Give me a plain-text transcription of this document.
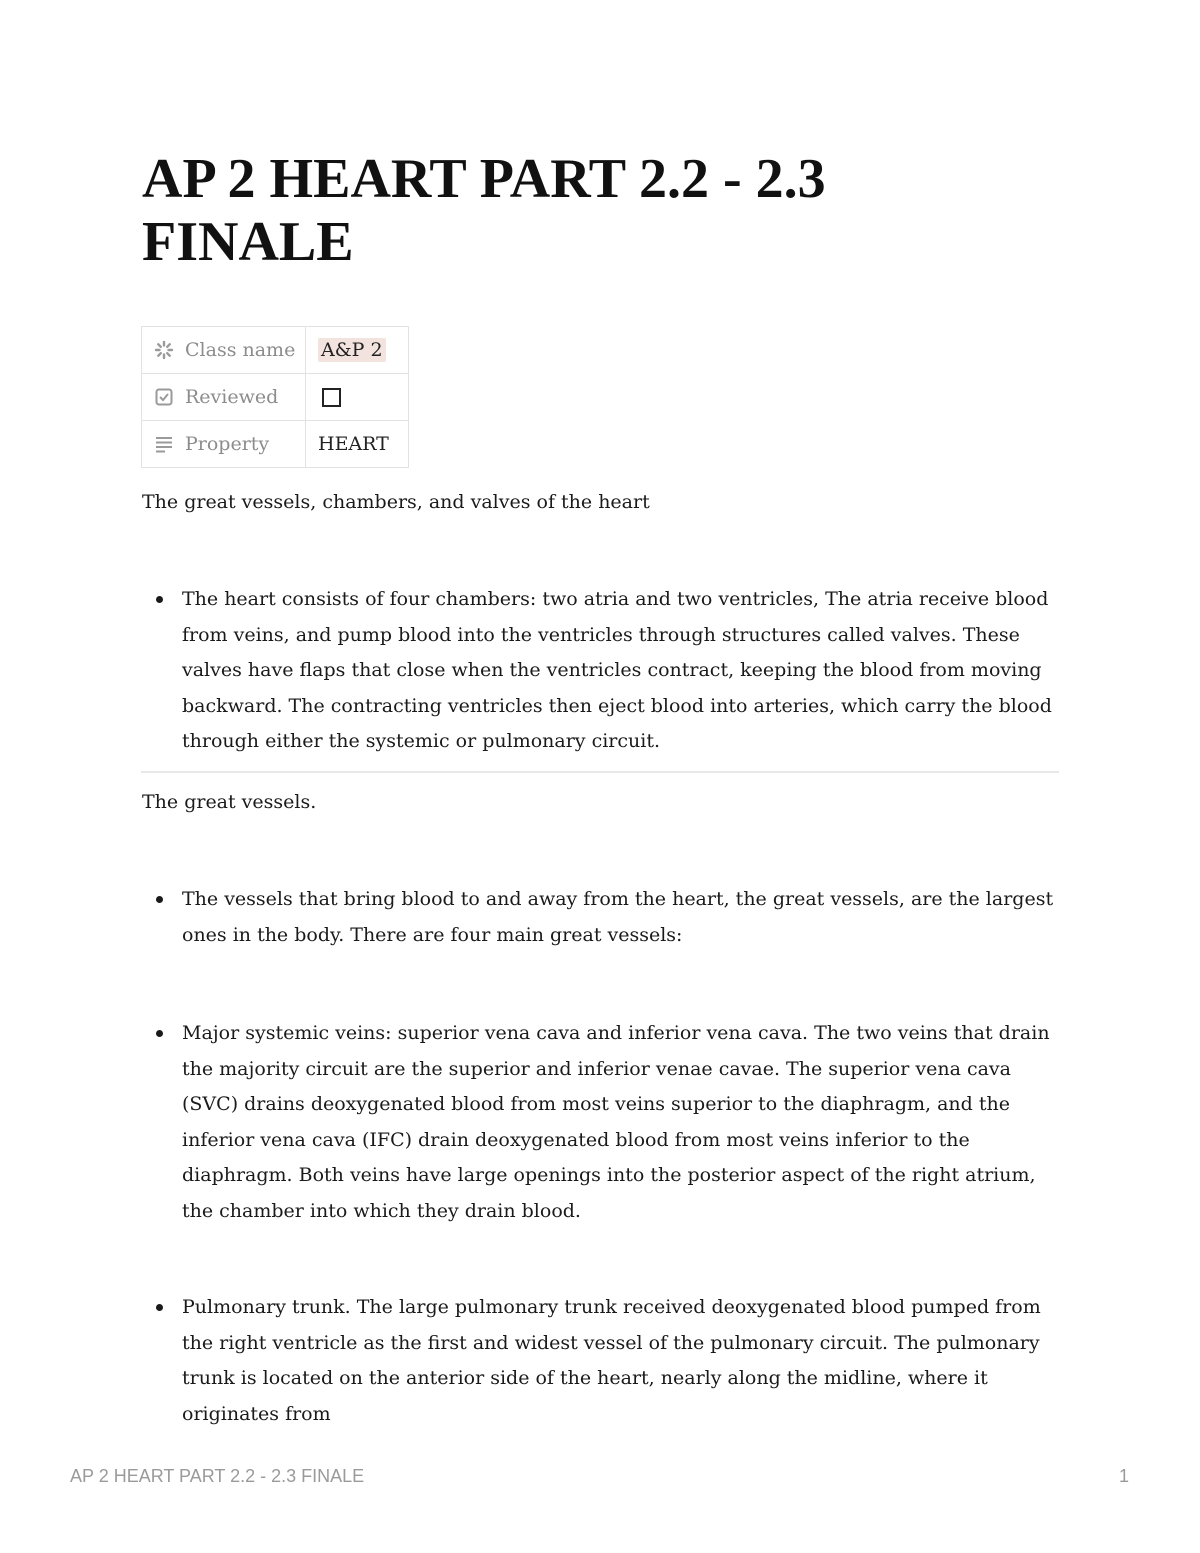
AP 2 HEART PART 2.2 - 2.3 FINALE
Class name	A&P 2

Reviewed	

Property	HEART

The great vessels, chambers, and valves of the heart

The heart consists of four chambers: two atria and two ventricles, The atria receive blood from veins, and pump blood into the ventricles through structures called valves. These valves have flaps that close when the ventricles contract, keeping the blood from moving backward. The contracting ventricles then eject blood into arteries, which carry the blood through either the systemic or pulmonary circuit.

The great vessels.

The vessels that bring blood to and away from the heart, the great vessels, are the largest ones in the body. There are four main great vessels:

Major systemic veins: superior vena cava and inferior vena cava. The two veins that drain the majority circuit are the superior and inferior venae cavae. The superior vena cava (SVC) drains deoxygenated blood from most veins superior to the diaphragm, and the inferior vena cava (IFC) drain deoxygenated blood from most veins inferior to the diaphragm. Both veins have large openings into the posterior aspect of the right atrium, the chamber into which they drain blood.

Pulmonary trunk. The large pulmonary trunk received deoxygenated blood pumped from the right ventricle as the first and widest vessel of the pulmonary circuit. The pulmonary trunk is located on the anterior side of the heart, nearly along the midline, where it originates from

AP 2 HEART PART 2.2 - 2.3 FINALE	1
